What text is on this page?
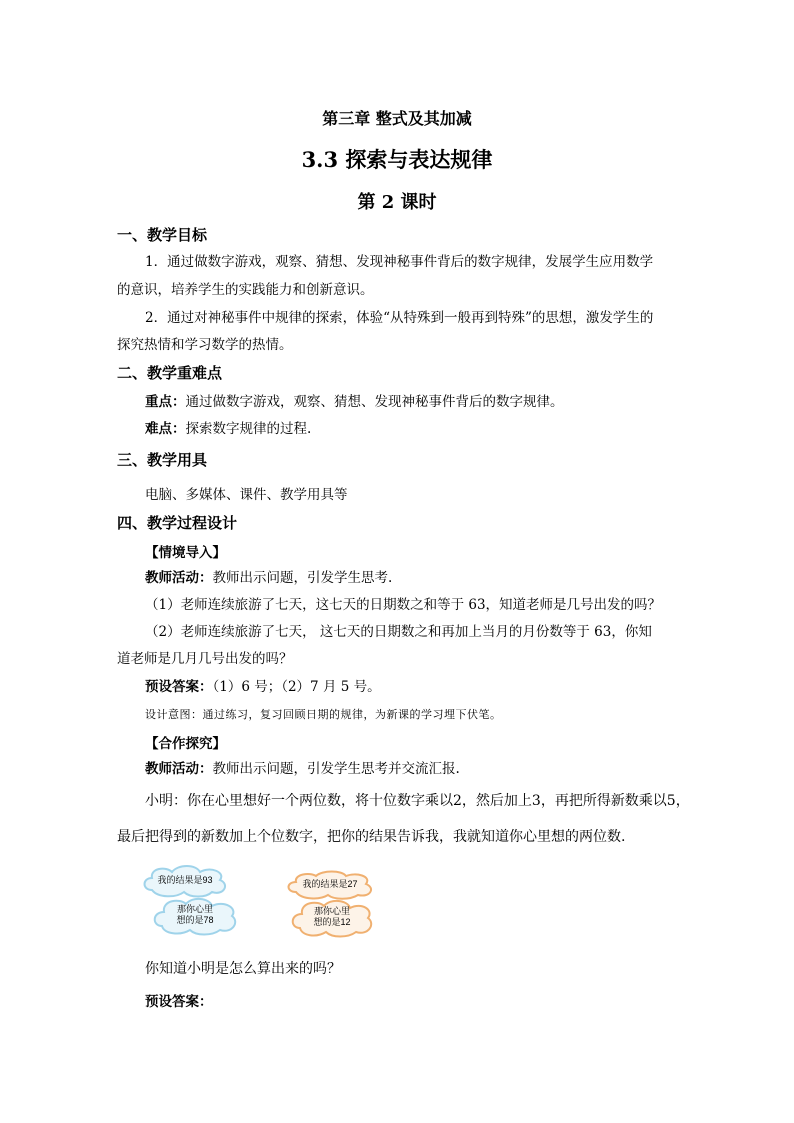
第三章 整式及其加减
3.3 探索与表达规律
第 2 课时
一、教学目标
1．通过做数字游戏，观察、猜想、发现神秘事件背后的数字规律，发展学生应用数学
的意识，培养学生的实践能力和创新意识。
2．通过对神秘事件中规律的探索，体验“从特殊到一般再到特殊”的思想，激发学生的
探究热情和学习数学的热情。
二、教学重难点
重点：通过做数字游戏，观察、猜想、发现神秘事件背后的数字规律。
难点：探索数字规律的过程.
三、教学用具
电脑、多媒体、课件、教学用具等
四、教学过程设计
【情境导入】
教师活动：教师出示问题，引发学生思考.
（1）老师连续旅游了七天，这七天的日期数之和等于 63，知道老师是几号出发的吗？
（2）老师连续旅游了七天， 这七天的日期数之和再加上当月的月份数等于 63，你知
道老师是几月几号出发的吗？
预设答案：（1）6 号；（2）7 月 5 号。
设计意图：通过练习，复习回顾日期的规律，为新课的学习埋下伏笔。
【合作探究】
教师活动：教师出示问题，引发学生思考并交流汇报.
小明：你在心里想好一个两位数，将十位数字乘以2，然后加上3，再把所得新数乘以5，
最后把得到的新数加上个位数字，把你的结果告诉我，我就知道你心里想的两位数.
我的结果是93
那你心里
想的是78
我的结果是27
那你心里
想的是12
你知道小明是怎么算出来的吗？
预设答案：
